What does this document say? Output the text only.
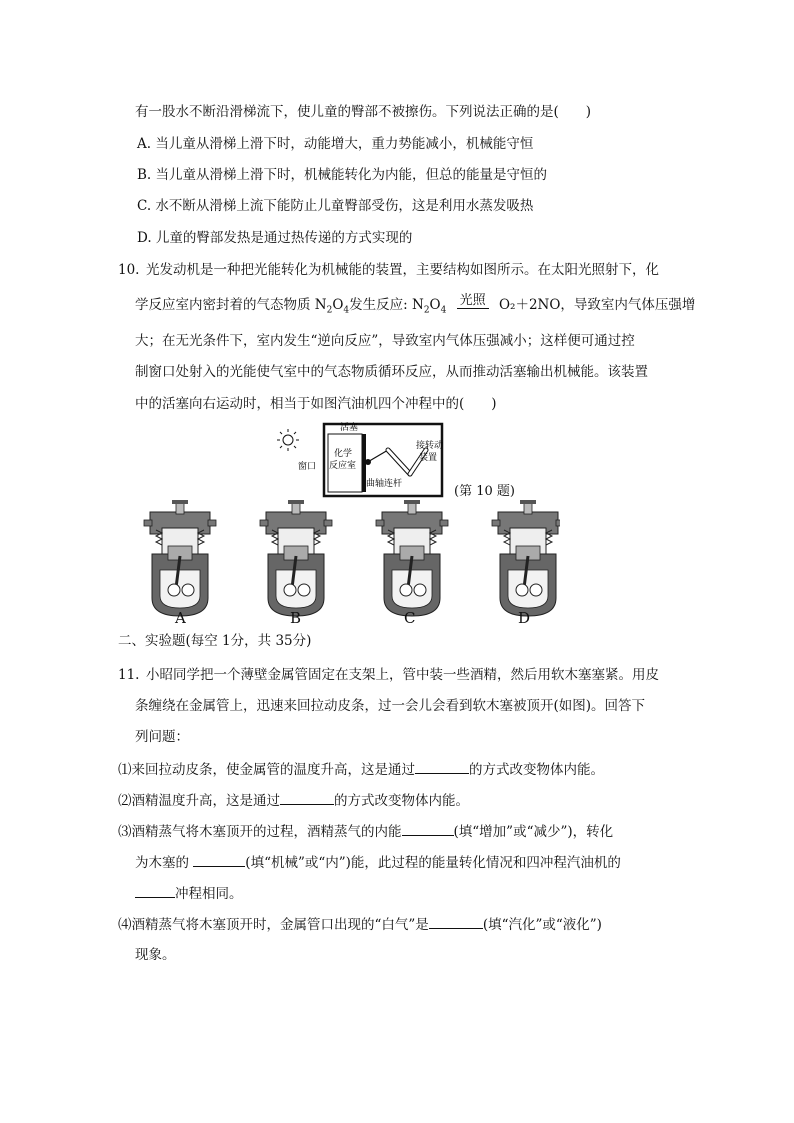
有一股水不断沿滑梯流下，使儿童的臀部不被擦伤。下列说法正确的是(　　)
A. 当儿童从滑梯上滑下时，动能增大，重力势能减小，机械能守恒
B. 当儿童从滑梯上滑下时，机械能转化为内能，但总的能量是守恒的
C. 水不断从滑梯上流下能防止儿童臀部受伤，这是利用水蒸发吸热
D. 儿童的臀部发热是通过热传递的方式实现的
10. 光发动机是一种把光能转化为机械能的装置，主要结构如图所示。在太阳光照射下，化
学反应室内密封着的气态物质 $N_2O_4$发生反应: $N_2O_4$
光照 O₂＋2NO，导致室内气体压强增
大；在无光条件下，室内发生“逆向反应”，导致室内气体压强减小；这样便可通过控
制窗口处射入的光能使气室中的气态物质循环反应，从而推动活塞输出机械能。该装置
中的活塞向右运动时，相当于如图汽油机四个冲程中的(　　)
活塞
窗口
化学
反应室
接转动
装置
曲轴连杆	(第 10 题)
A	B	C	D
二、实验题(每空 1分，共 35分)
11. 小昭同学把一个薄壁金属管固定在支架上，管中装一些酒精，然后用软木塞塞紧。用皮
条缠绕在金属管上，迅速来回拉动皮条，过一会儿会看到软木塞被顶开(如图)。回答下
列问题：
⑴来回拉动皮条，使金属管的温度升高，这是通过	的方式改变物体内能。
⑵酒精温度升高，这是通过	的方式改变物体内能。
⑶酒精蒸气将木塞顶开的过程，酒精蒸气的内能	(填“增加”或“减少”)，转化
为木塞的	(填“机械”或“内”)能，此过程的能量转化情况和四冲程汽油机的
冲程相同。
⑷酒精蒸气将木塞顶开时，金属管口出现的“白气”是	(填“汽化”或“液化”)
现象。
